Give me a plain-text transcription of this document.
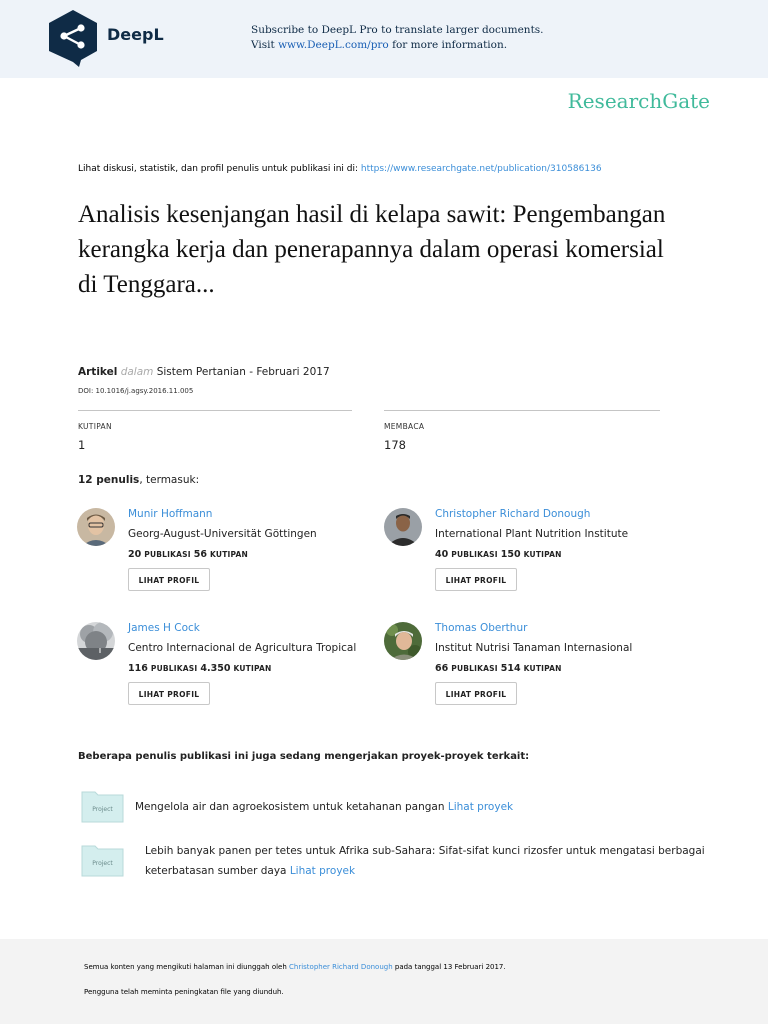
DeepL	Subscribe to DeepL Pro to translate larger documents.
Visit www.DeepL.com/pro for more information.
ResearchGate
Lihat diskusi, statistik, dan profil penulis untuk publikasi ini di: https://www.researchgate.net/publication/310586136
Analisis kesenjangan hasil di kelapa sawit: Pengembangan kerangka kerja dan penerapannya dalam operasi komersial di Tenggara...
Artikel dalam Sistem Pertanian - Februari 2017
DOI: 10.1016/j.agsy.2016.11.005
KUTIPAN
1
MEMBACA
178
12 penulis, termasuk:
Munir Hoffmann
Georg-August-Universität Göttingen
20 PUBLIKASI 56 KUTIPAN
LIHAT PROFIL
Christopher Richard Donough
International Plant Nutrition Institute
40 PUBLIKASI 150 KUTIPAN
LIHAT PROFIL
James H Cock
Centro Internacional de Agricultura Tropical
116 PUBLIKASI 4.350 KUTIPAN
LIHAT PROFIL
Thomas Oberthur
Institut Nutrisi Tanaman Internasional
66 PUBLIKASI 514 KUTIPAN
LIHAT PROFIL
Beberapa penulis publikasi ini juga sedang mengerjakan proyek-proyek terkait:
Project Mengelola air dan agroekosistem untuk ketahanan pangan Lihat proyek
Project
Lebih banyak panen per tetes untuk Afrika sub-Sahara: Sifat-sifat kunci rizosfer untuk mengatasi berbagai keterbatasan sumber daya Lihat proyek
Semua konten yang mengikuti halaman ini diunggah oleh Christopher Richard Donough pada tanggal 13 Februari 2017.
Pengguna telah meminta peningkatan file yang diunduh.
